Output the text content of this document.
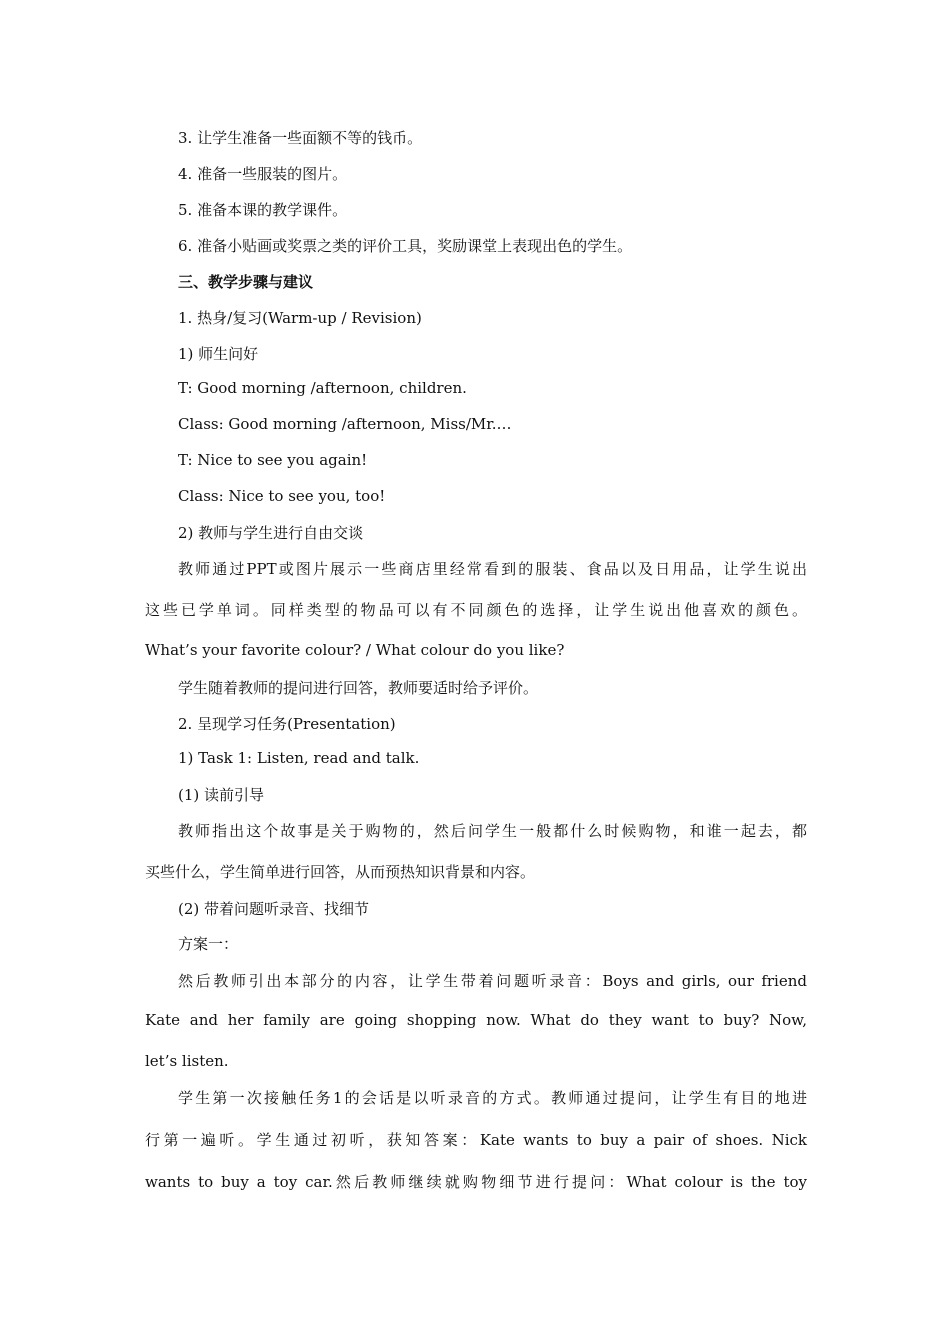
3. 让学生准备一些面额不等的钱币。
4. 准备一些服装的图片。
5. 准备本课的教学课件。
6. 准备小贴画或奖票之类的评价工具，奖励课堂上表现出色的学生。
三、教学步骤与建议
1. 热身/复习(Warm-up / Revision)
1) 师生问好
T: Good morning /afternoon, children.
Class: Good morning /afternoon, Miss/Mr.…
T: Nice to see you again!
Class: Nice to see you, too!
2) 教师与学生进行自由交谈
教师通过PPT或图片展示一些商店里经常看到的服装、食品以及日用品，让学生说出
这些已学单词。同样类型的物品可以有不同颜色的选择，让学生说出他喜欢的颜色。
What’s your favorite colour? / What colour do you like?
学生随着教师的提问进行回答，教师要适时给予评价。
2. 呈现学习任务(Presentation)
1) Task 1: Listen, read and talk.
(1) 读前引导
教师指出这个故事是关于购物的，然后问学生一般都什么时候购物，和谁一起去，都
买些什么，学生简单进行回答，从而预热知识背景和内容。
(2) 带着问题听录音、找细节
方案一：
然后教师引出本部分的内容，让学生带着问题听录音：Boys and girls, our friend
Kate and her family are going shopping now. What do they want to buy? Now,
let’s listen.
学生第一次接触任务1的会话是以听录音的方式。教师通过提问，让学生有目的地进
行第一遍听。学生通过初听，获知答案：Kate wants to buy a pair of shoes. Nick
wants to buy a toy car.然后教师继续就购物细节进行提问：What colour is the toy
